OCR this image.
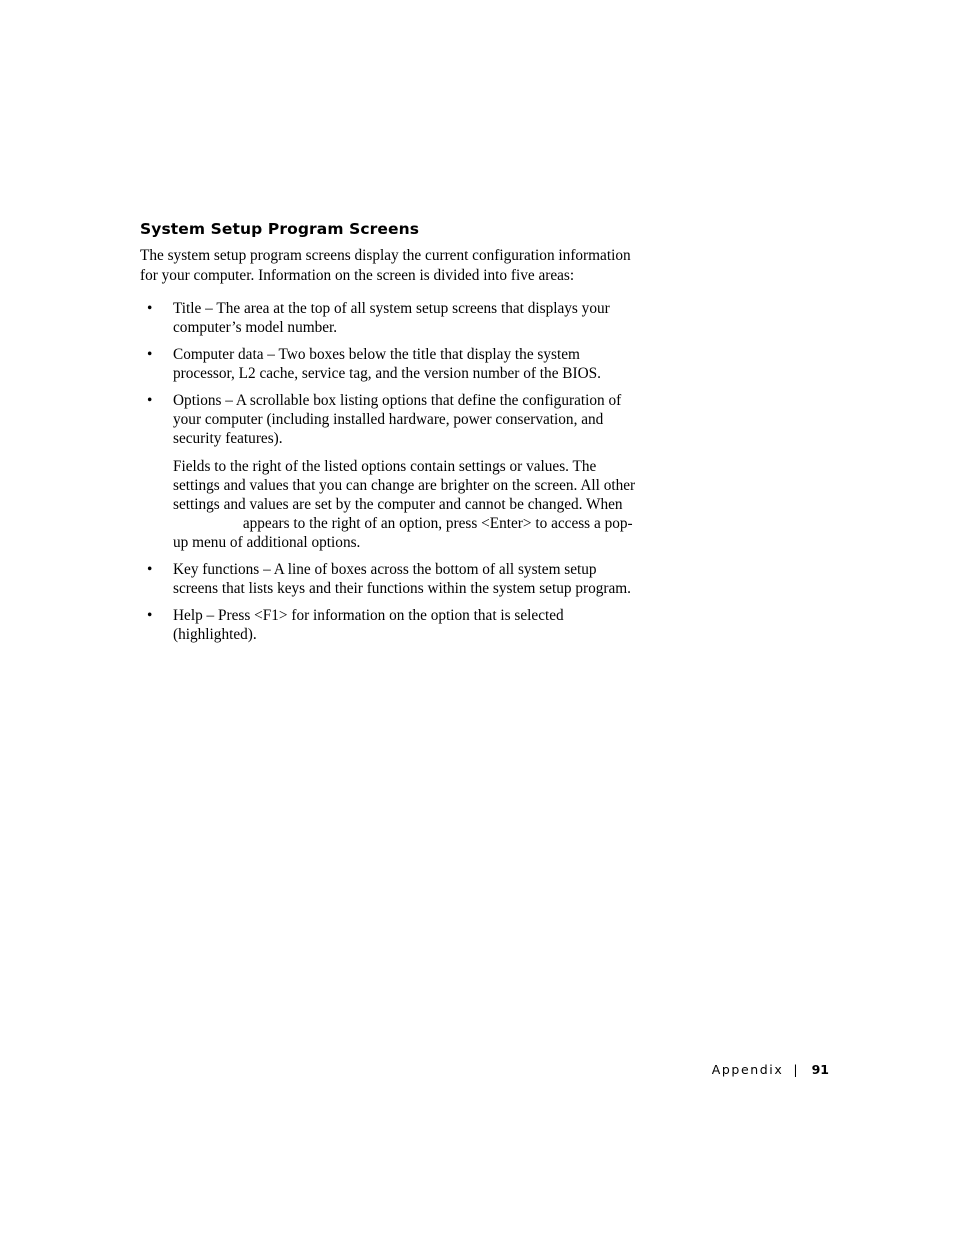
System Setup Program Screens

The system setup program screens display the current configuration information for your computer. Information on the screen is divided into five areas:

• Title – The area at the top of all system setup screens that displays your computer’s model number.
• Computer data – Two boxes below the title that display the system processor, L2 cache, service tag, and the version number of the BIOS.
• Options – A scrollable box listing options that define the configuration of your computer (including installed hardware, power conservation, and security features).
Fields to the right of the listed options contain settings or values. The settings and values that you can change are brighter on the screen. All other settings and values are set by the computer and cannot be changed. When  appears to the right of an option, press <Enter> to access a pop-up menu of additional options.
• Key functions – A line of boxes across the bottom of all system setup screens that lists keys and their functions within the system setup program.
• Help – Press <F1> for information on the option that is selected (highlighted).
Appendix | 91
